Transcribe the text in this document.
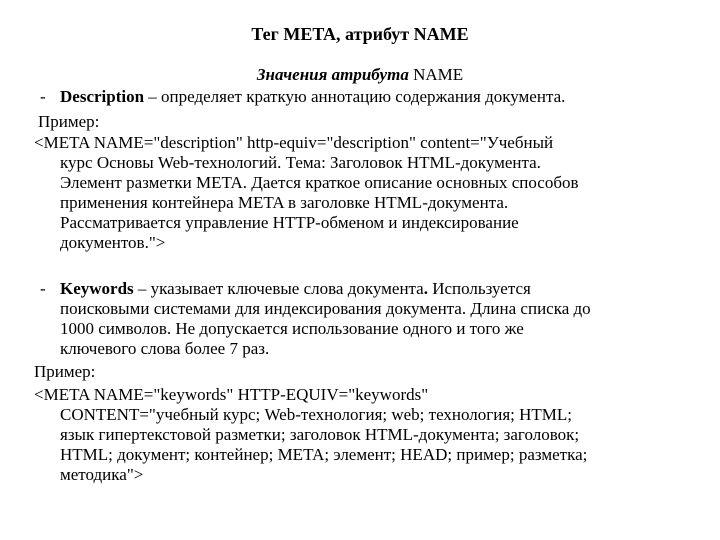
Тег META, атрибут NAME
Значения атрибута NAME
- Description – определяет краткую аннотацию содержания документа.
Пример:
<META NAME="description" http-equiv="description" content="Учебный
курс Основы Web-технологий. Тема: Заголовок HTML-документа.
Элемент разметки META. Дается краткое описание основных способов
применения контейнера META в заголовке HTML-документа.
Рассматривается управление HTTP-обменом и индексирование
документов.">
- Keywords – указывает ключевые слова документа. Используется
поисковыми системами для индексирования документа. Длина списка до
1000 символов. Не допускается использование одного и того же
ключевого слова более 7 раз.
Пример:
<META NAME="keywords" HTTP-EQUIV="keywords"
CONTENT="учебный курс; Web-технология; web; технология; HTML;
язык гипертекстовой разметки; заголовок HTML-документа; заголовок;
HTML; документ; контейнер; META; элемент; HEAD; пример; разметка;
методика">
